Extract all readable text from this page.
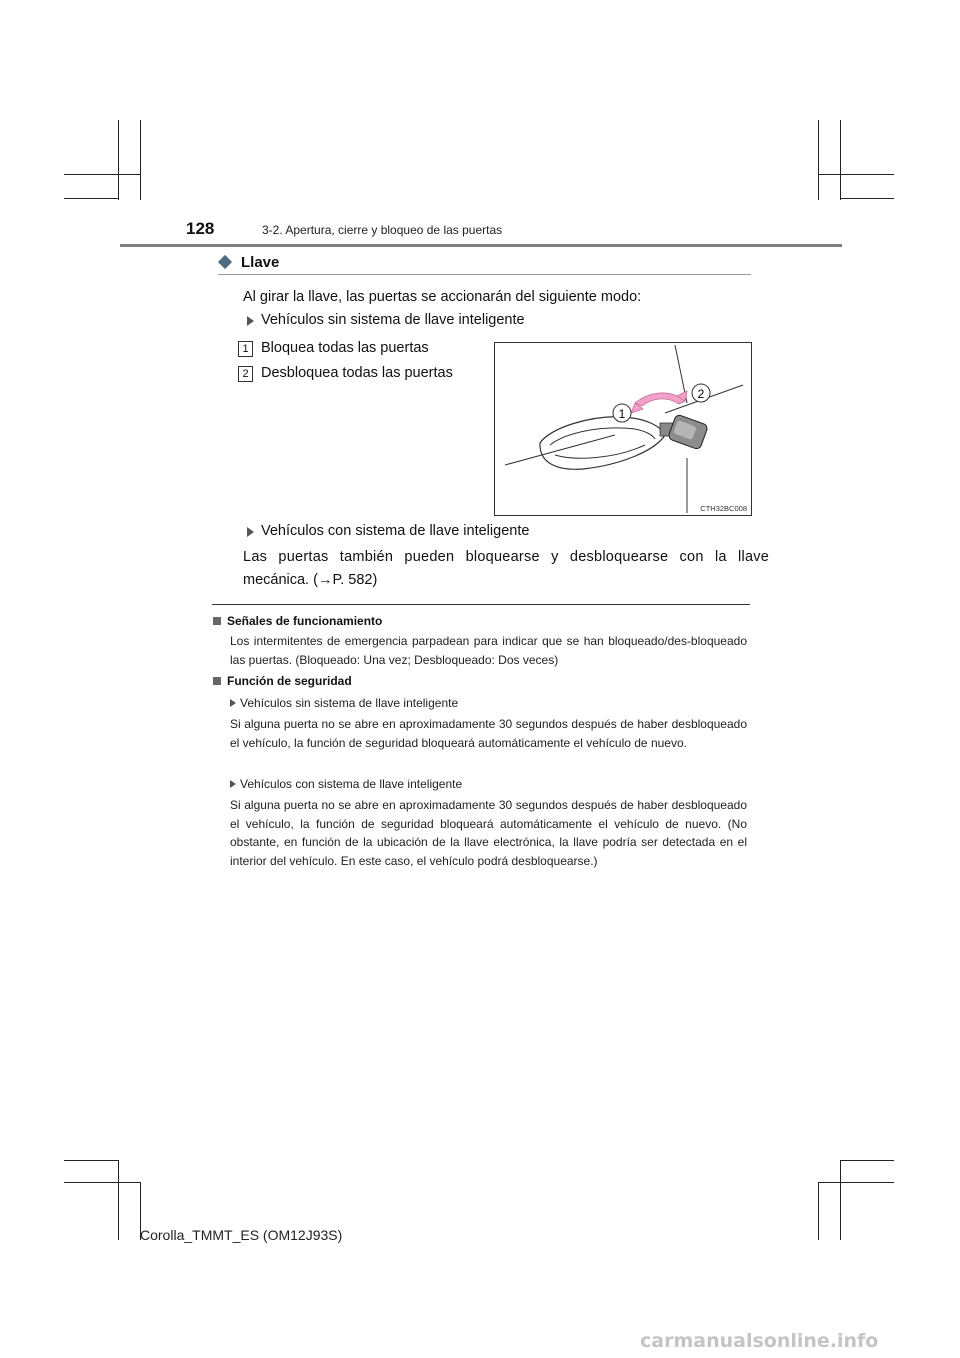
128	3-2. Apertura, cierre y bloqueo de las puertas
Llave
Al girar la llave, las puertas se accionarán del siguiente modo:
Vehículos sin sistema de llave inteligente
1 Bloquea todas las puertas
2 Desbloquea todas las puertas
1
2
CTH32BC008
Vehículos con sistema de llave inteligente
Las puertas también pueden bloquearse y desbloquearse con la llave
mecánica. (→P. 582)
Señales de funcionamiento
Los intermitentes de emergencia parpadean para indicar que se han bloqueado/des-bloqueado las puertas. (Bloqueado: Una vez; Desbloqueado: Dos veces)
Función de seguridad
Vehículos sin sistema de llave inteligente
Si alguna puerta no se abre en aproximadamente 30 segundos después de haber desbloqueado el vehículo, la función de seguridad bloqueará automáticamente el vehículo de nuevo.
Vehículos con sistema de llave inteligente
Si alguna puerta no se abre en aproximadamente 30 segundos después de haber desbloqueado el vehículo, la función de seguridad bloqueará automáticamente el vehículo de nuevo. (No obstante, en función de la ubicación de la llave electrónica, la llave podría ser detectada en el interior del vehículo. En este caso, el vehículo podrá desbloquearse.)
Corolla_TMMT_ES (OM12J93S)
carmanualsonline.info
